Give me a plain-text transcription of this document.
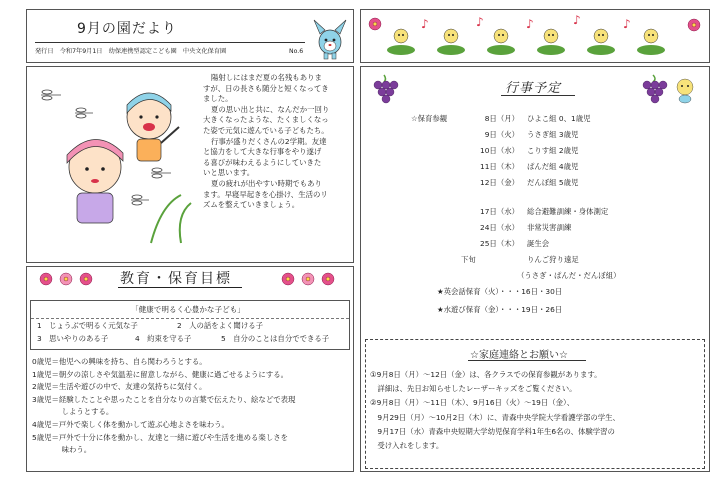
9月の園だより
発行日　令和7年9月1日　幼保連携型認定こども園　中央文化保育園	No.6
♪	♪	♪	♪	♪
陽射しにはまだ夏の名残もありま
すが、日の長さも随分と短くなってき
ました。
夏の思い出と共に、なんだか一回り
大きくなったような、たくましくなっ
た姿で元気に遊んでいる子どもたち。
行事が盛りだくさんの2学期。友達
と協力をして大きな行事をやり遂げ
る喜びが味わえるようにしていきた
いと思います。
夏の疲れが出やすい時期でもあり
ます。早寝早起きを心掛け、生活のリ
ズムを整えていきましょう。
教育・保育目標
「健康で明るく心豊かな子ども」
1　じょうぶで明るく元気な子	2　人の話をよく聞ける子
3　思いやりのある子	4　約束を守る子	5　自分のことは自分でできる子
0歳児＝他児への興味を持ち、自ら関わろうとする。
1歳児＝朝夕の涼しさや気温差に留意しながら、健康に過ごせるようにする。
2歳児＝生活や遊びの中で、友達の気持ちに気付く。
3歳児＝経験したことや思ったことを自分なりの言葉で伝えたり、絵などで表現
　　　　しようとする。
4歳児＝戸外で楽しく体を動かして遊ぶ心地よさを味わう。
5歳児＝戸外で十分に体を動かし、友達と一緒に遊びや生活を進める楽しさを
　　　　味わう。
行事予定
☆保育参観	8日（月） ひよこ組 0、1歳児
9日（火） うさぎ組 3歳児
10日（水） こりす組 2歳児
11日（木） ぱんだ組 4歳児
12日（金） だんぼ組 5歳児
17日（水） 総合避難訓練・身体測定
24日（水） 非常災害訓練
25日（木） 誕生会
下旬	りんご狩り遠足
（うさぎ・ぱんだ・だんぼ組）
★英会話保育（火）・・・16日・30日
★水遊び保育（金）・・・19日・26日
☆家庭連絡とお願い☆
①9月8日（月）～12日（金）は、各クラスでの保育参観があります。
　詳細は、先日お知らせしたレーザーキッズをご覧ください。
②9月8日（月）～11日（木）、9月16日（火）～19日（金）、
　9月29日（月）～10月2日（木）に、青森中央学院大学看護学部の学生、
　9月17日（水）青森中央短期大学幼児保育学科1年生6名の、体験学習の
　受け入れをします。
